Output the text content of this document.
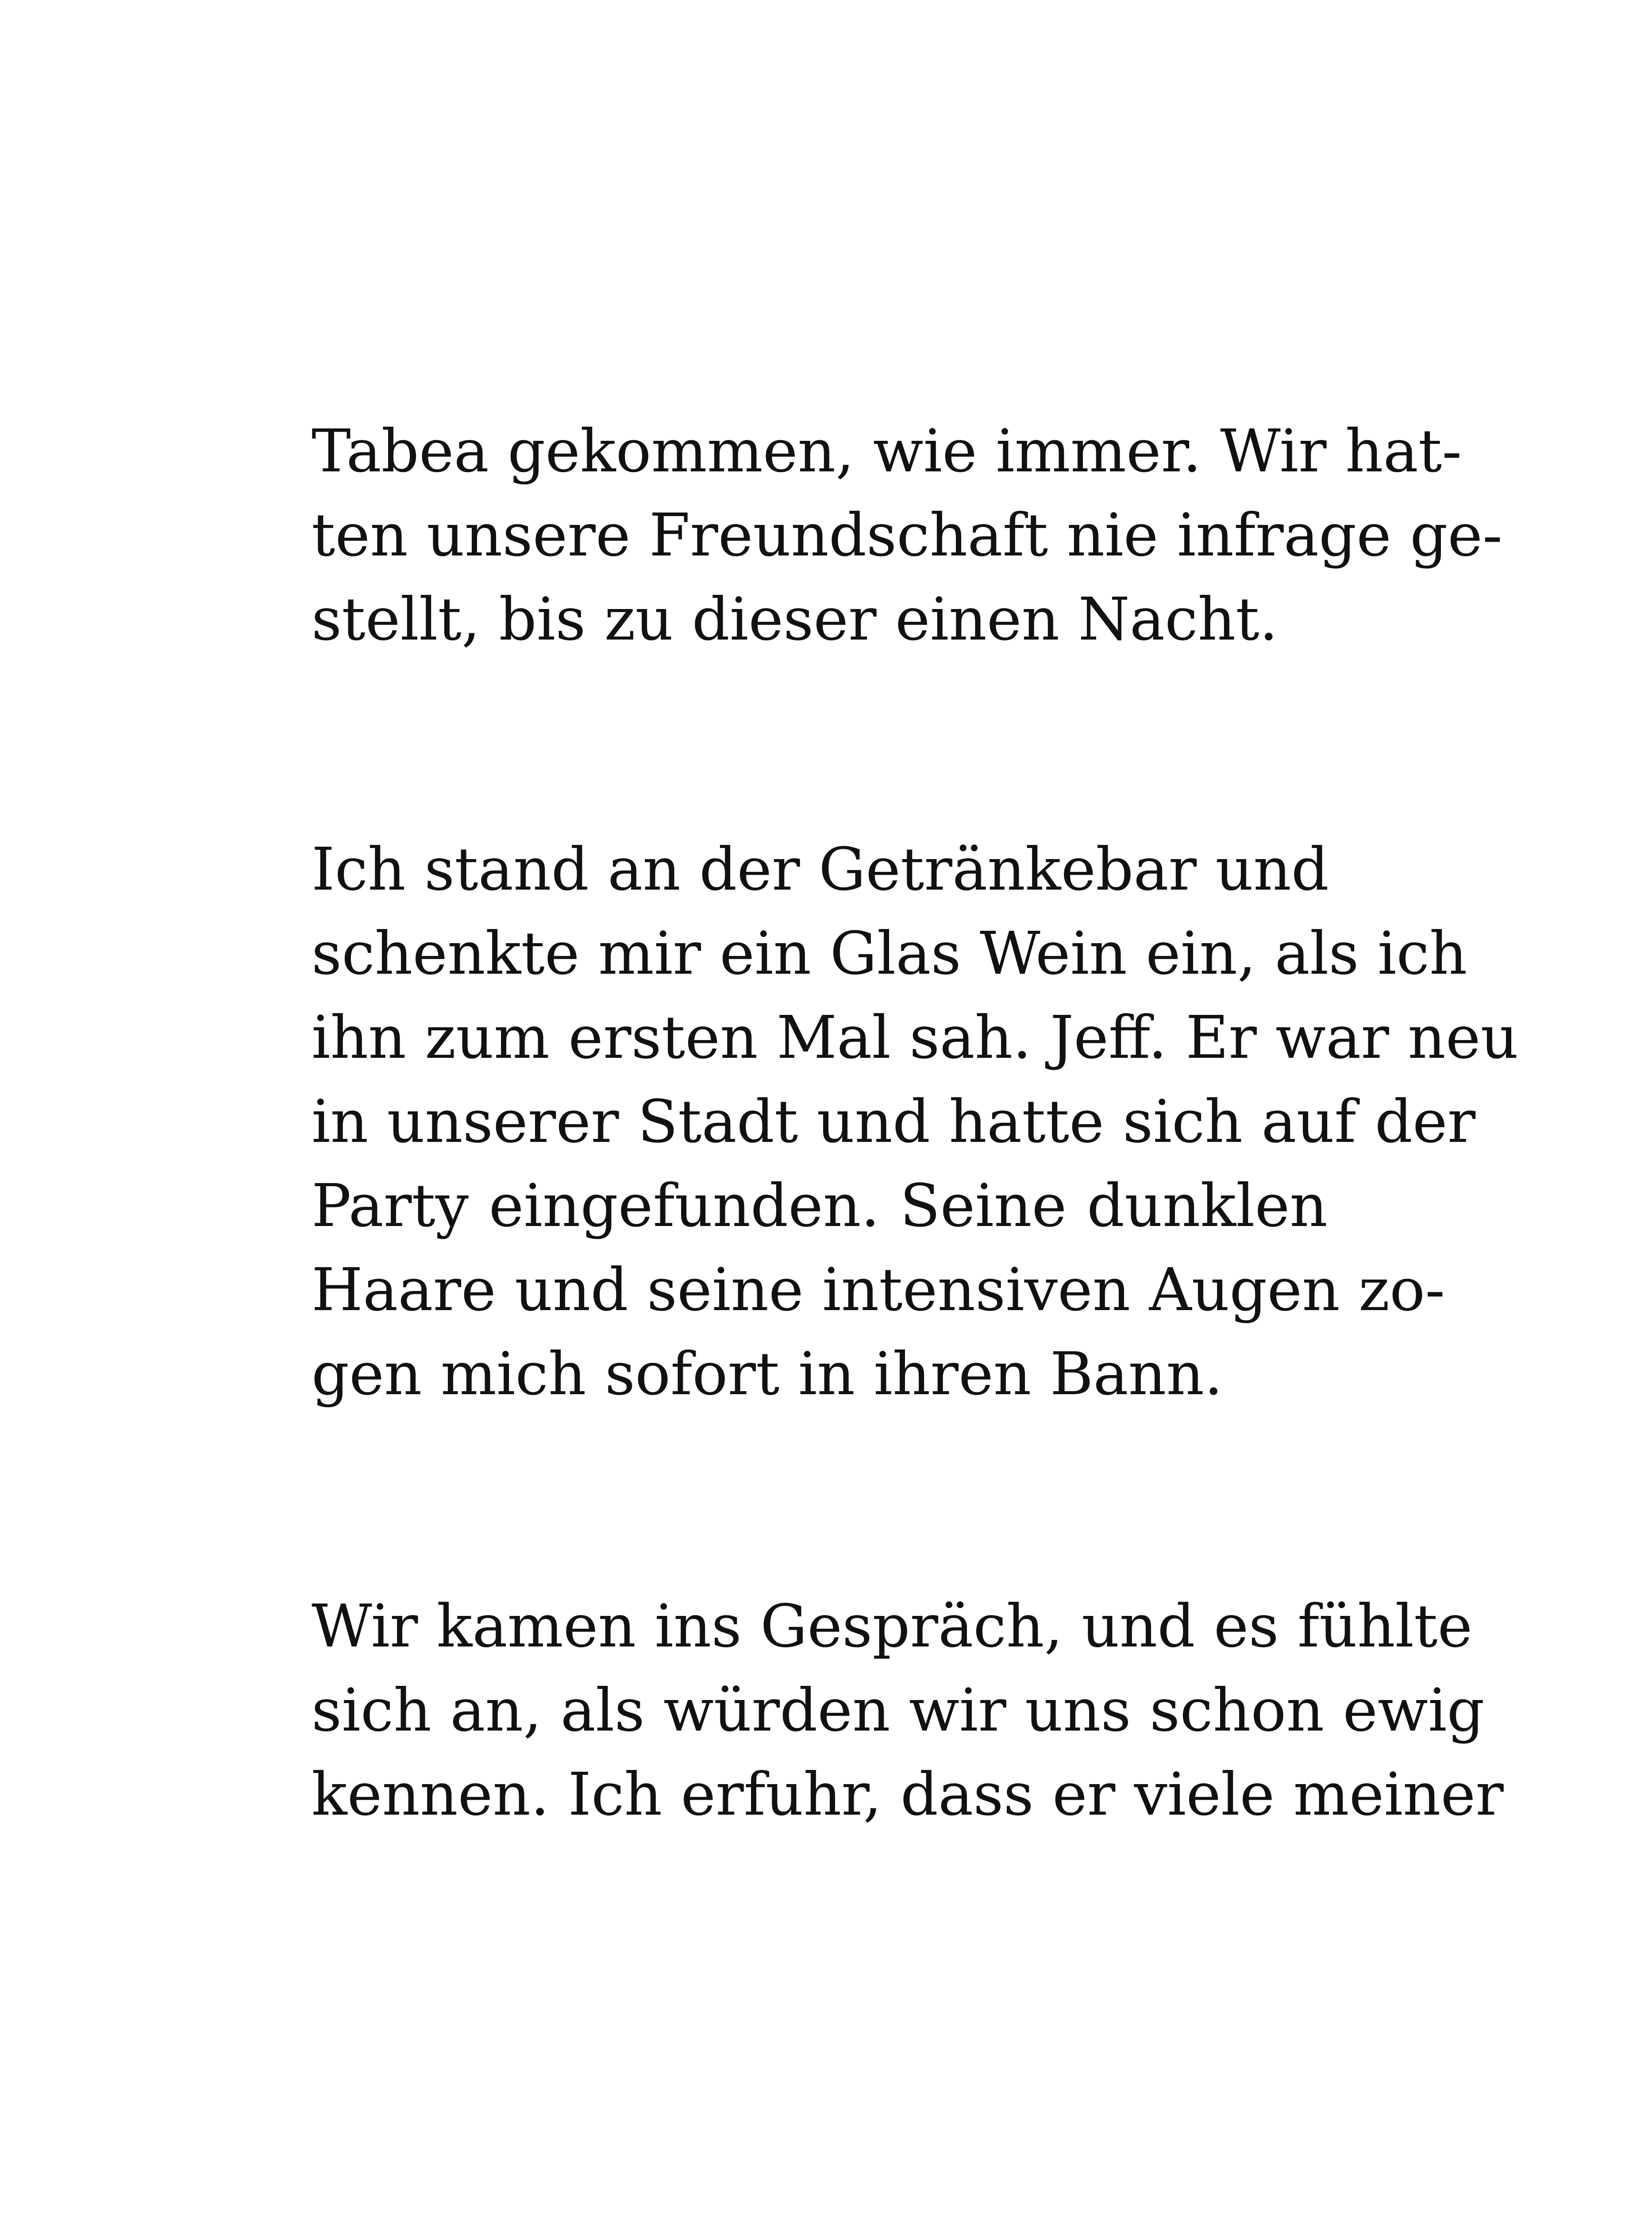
Tabea gekommen, wie immer. Wir hat-
ten unsere Freundschaft nie infrage ge-
stellt, bis zu dieser einen Nacht.
Ich stand an der Getränkebar und
schenkte mir ein Glas Wein ein, als ich
ihn zum ersten Mal sah. Jeff. Er war neu
in unserer Stadt und hatte sich auf der
Party eingefunden. Seine dunklen
Haare und seine intensiven Augen zo-
gen mich sofort in ihren Bann.
Wir kamen ins Gespräch, und es fühlte
sich an, als würden wir uns schon ewig
kennen. Ich erfuhr, dass er viele meiner
